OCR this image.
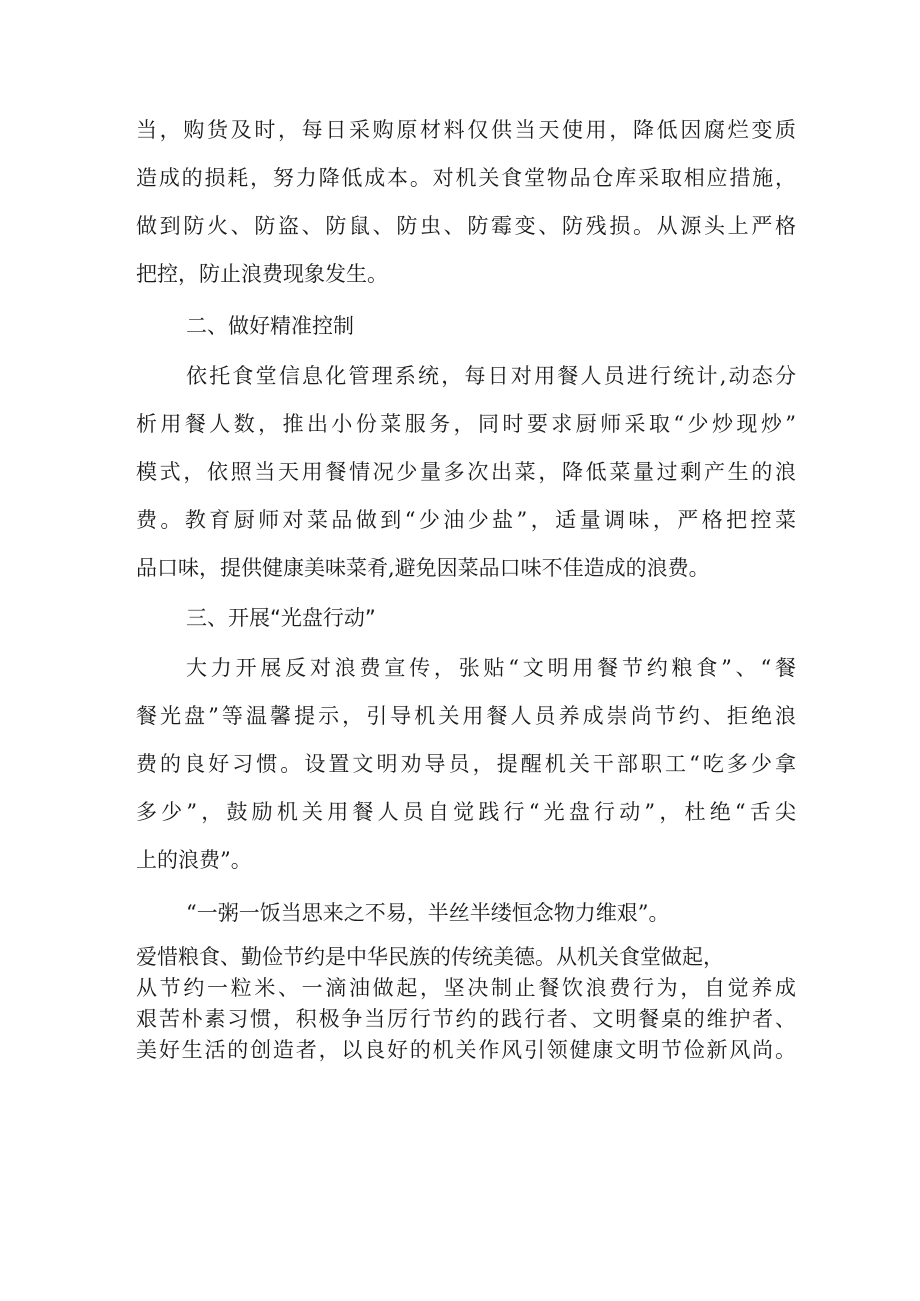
当，购货及时，每日采购原材料仅供当天使用，降低因腐烂变质
造成的损耗，努力降低成本。对机关食堂物品仓库采取相应措施，
做到防火、防盗、防鼠、防虫、防霉变、防残损。从源头上严格
把控，防止浪费现象发生。
二、做好精准控制
依托食堂信息化管理系统，每日对用餐人员进行统计,动态分
析用餐人数，推出小份菜服务，同时要求厨师采取“少炒现炒”
模式，依照当天用餐情况少量多次出菜，降低菜量过剩产生的浪
费。教育厨师对菜品做到“少油少盐”，适量调味，严格把控菜
品口味，提供健康美味菜肴,避免因菜品口味不佳造成的浪费。
三、开展“光盘行动”
大力开展反对浪费宣传，张贴“文明用餐节约粮食”、“餐
餐光盘”等温馨提示，引导机关用餐人员养成崇尚节约、拒绝浪
费的良好习惯。设置文明劝导员，提醒机关干部职工“吃多少拿
多少”，鼓励机关用餐人员自觉践行“光盘行动”，杜绝“舌尖
上的浪费”。
“一粥一饭当思来之不易，半丝半缕恒念物力维艰”。
爱惜粮食、勤俭节约是中华民族的传统美德。从机关食堂做起，
从节约一粒米、一滴油做起，坚决制止餐饮浪费行为，自觉养成
艰苦朴素习惯，积极争当厉行节约的践行者、文明餐桌的维护者、
美好生活的创造者，以良好的机关作风引领健康文明节俭新风尚。
